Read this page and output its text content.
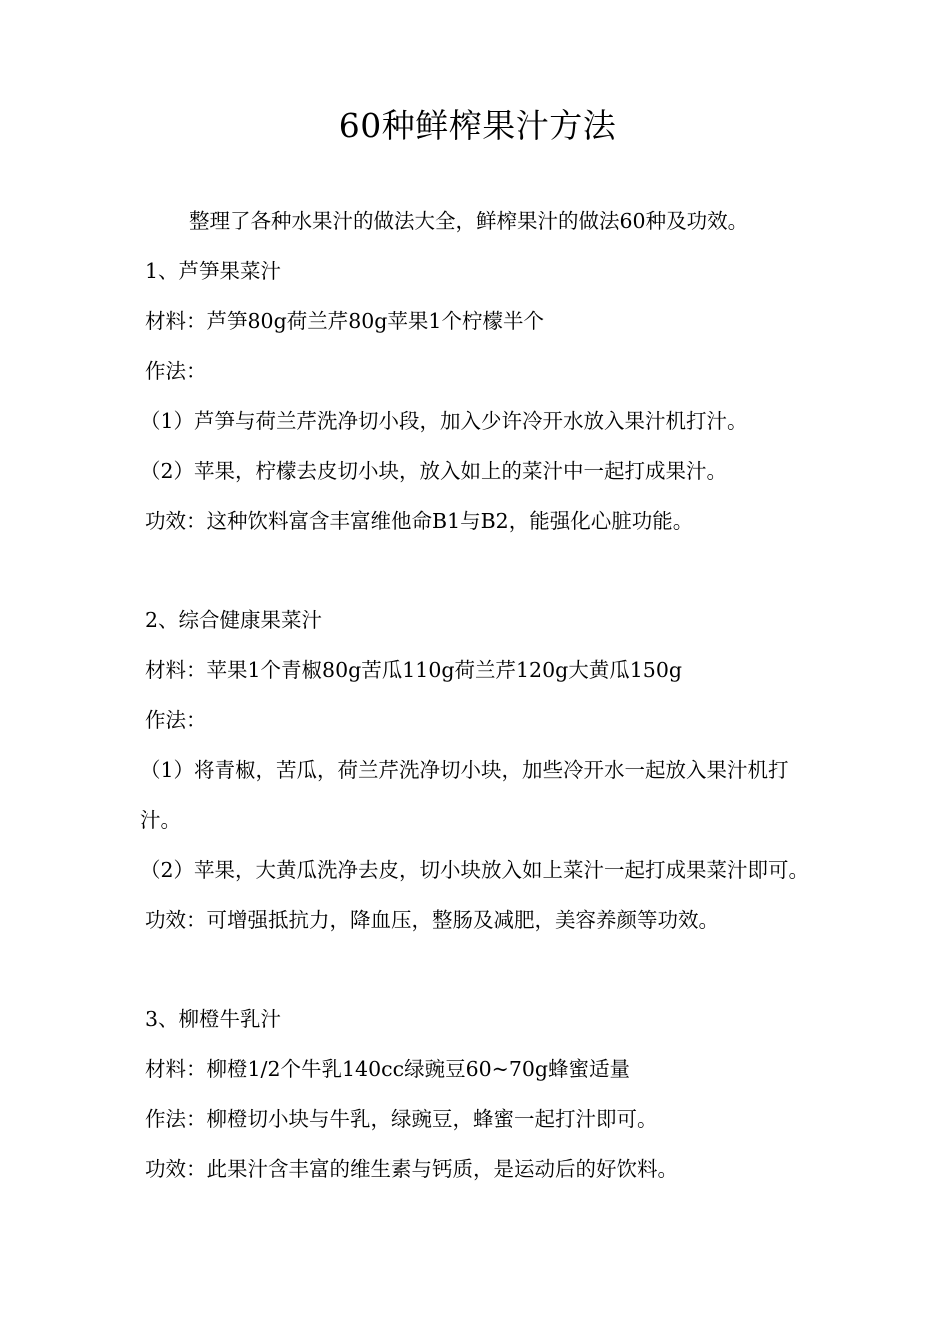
60种鲜榨果汁方法

整理了各种水果汁的做法大全，鲜榨果汁的做法60种及功效。

1、芦笋果菜汁

材料：芦笋80g荷兰芹80g苹果1个柠檬半个

作法：

（1）芦笋与荷兰芹洗净切小段，加入少许冷开水放入果汁机打汁。

（2）苹果，柠檬去皮切小块，放入如上的菜汁中一起打成果汁。

功效：这种饮料富含丰富维他命B1与B2，能强化心脏功能。

2、综合健康果菜汁

材料：苹果1个青椒80g苦瓜110g荷兰芹120g大黄瓜150g

作法：

（1）将青椒，苦瓜，荷兰芹洗净切小块，加些冷开水一起放入果汁机打汁。

（2）苹果，大黄瓜洗净去皮，切小块放入如上菜汁一起打成果菜汁即可。

功效：可增强抵抗力，降血压，整肠及减肥，美容养颜等功效。

3、柳橙牛乳汁

材料：柳橙1/2个牛乳140cc绿豌豆60~70g蜂蜜适量

作法：柳橙切小块与牛乳，绿豌豆，蜂蜜一起打汁即可。

功效：此果汁含丰富的维生素与钙质，是运动后的好饮料。
